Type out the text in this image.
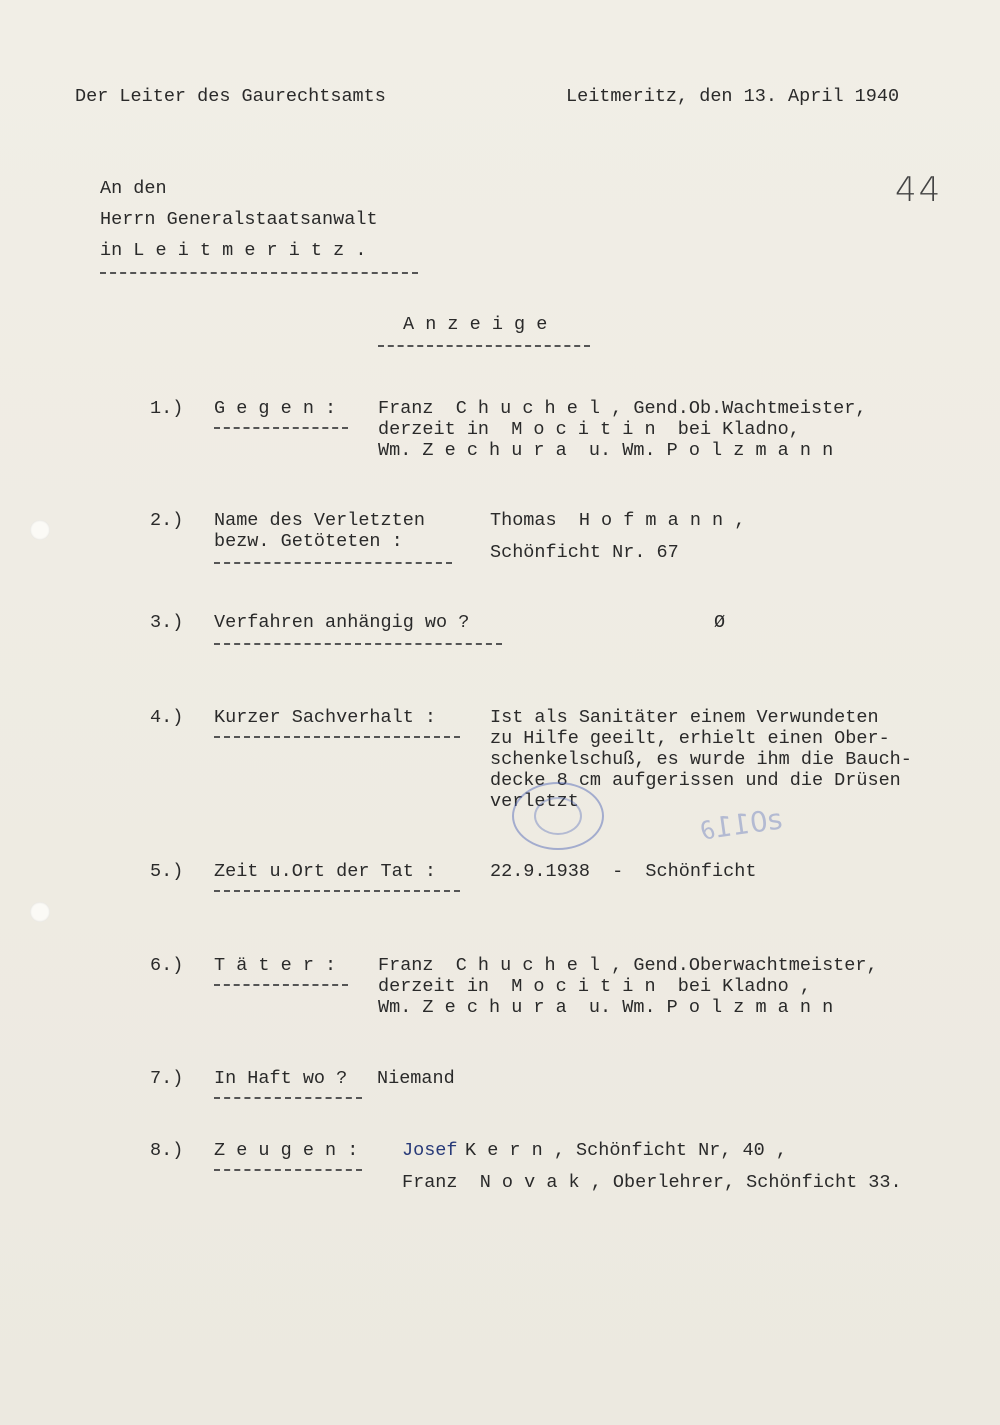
Der Leiter des Gaurechtsamts	Leitmeritz, den 13. April 1940

44

An den

Herrn Generalstaatsanwalt

in L e i t m e r i t z .

A n z e i g e

1.) G e g e n : Franz  C h u c h e l , Gend.Ob.Wachtmeister,

derzeit in  M o c i t i n  bei Kladno,

Wm. Z e c h u r a  u. Wm. P o l z m a n n

2.) Name des Verletzten

bezw. Getöteten :

Thomas  H o f m a n n ,

Schönficht Nr. 67

3.) Verfahren anhängig wo ?	Ø

4.) Kurzer Sachverhalt :	Ist als Sanitäter einem Verwundeten

zu Hilfe geeilt, erhielt einen Ober-

schenkelschuß, es wurde ihm die Bauch-

decke 8 cm aufgerissen und die Drüsen

verletzt

ƨ011∂

5.) Zeit u.Ort der Tat :	22.9.1938  -  Schönficht

6.) T ä t e r : Franz  C h u c h e l , Gend.Oberwachtmeister,

derzeit in  M o c i t i n  bei Kladno ,

Wm. Z e c h u r a  u. Wm. P o l z m a n n

7.) In Haft wo ? Niemand

8.) Z e u g e n : Josef K e r n , Schönficht Nr, 40 ,

Franz  N o v a k , Oberlehrer, Schönficht 33.
